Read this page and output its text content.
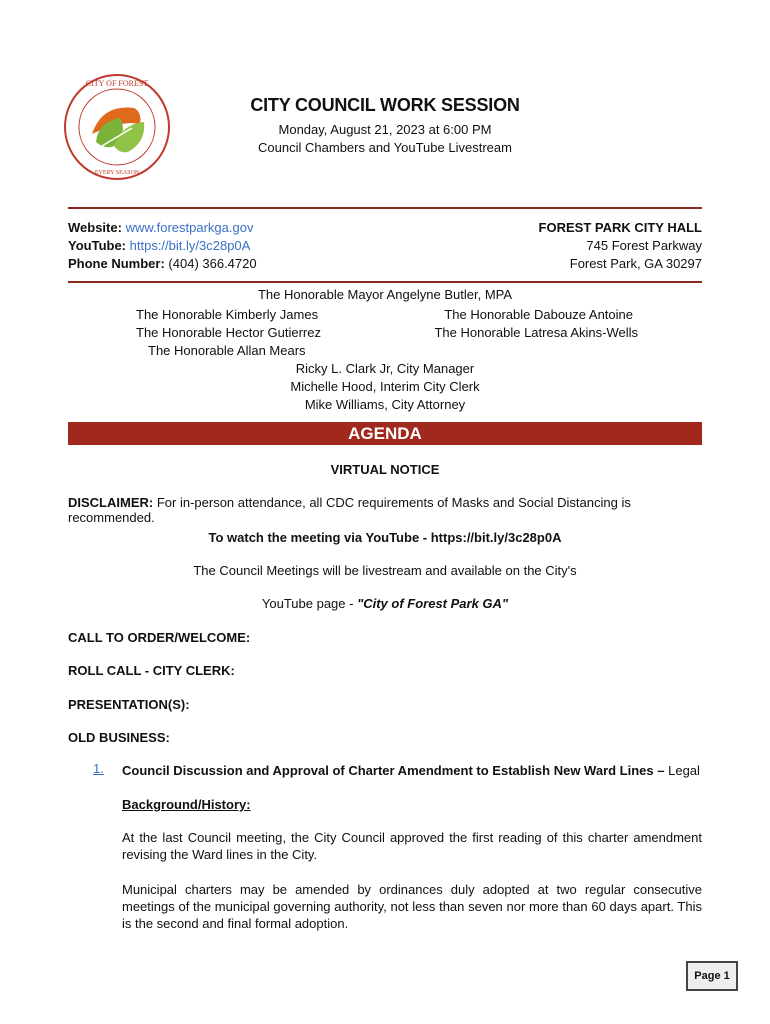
CITY OF FOREST
EVERY SEASON
CITY COUNCIL WORK SESSION
Monday, August 21, 2023 at 6:00 PM
Council Chambers and YouTube Livestream
Website: www.forestparkga.gov
YouTube: https://bit.ly/3c28p0A
Phone Number: (404) 366.4720
FOREST PARK CITY HALL
745 Forest Parkway
Forest Park, GA 30297
The Honorable Mayor Angelyne Butler, MPA
The Honorable Kimberly James
The Honorable Hector Gutierrez
The Honorable Allan Mears
The Honorable Dabouze Antoine
The Honorable Latresa Akins-Wells
Ricky L. Clark Jr, City Manager
Michelle Hood, Interim City Clerk
Mike Williams, City Attorney
AGENDA
VIRTUAL NOTICE
DISCLAIMER: For in-person attendance, all CDC requirements of Masks and Social Distancing is recommended.
To watch the meeting via YouTube - https://bit.ly/3c28p0A
The Council Meetings will be livestream and available on the City's
YouTube page - "City of Forest Park GA"
CALL TO ORDER/WELCOME:
ROLL CALL - CITY CLERK:
PRESENTATION(S):
OLD BUSINESS:
1. Council Discussion and Approval of Charter Amendment to Establish New Ward Lines – Legal
Background/History:
At the last Council meeting, the City Council approved the first reading of this charter amendment revising the Ward lines in the City.
Municipal charters may be amended by ordinances duly adopted at two regular consecutive meetings of the municipal governing authority, not less than seven nor more than 60 days apart. This is the second and final formal adoption.
Page 1
